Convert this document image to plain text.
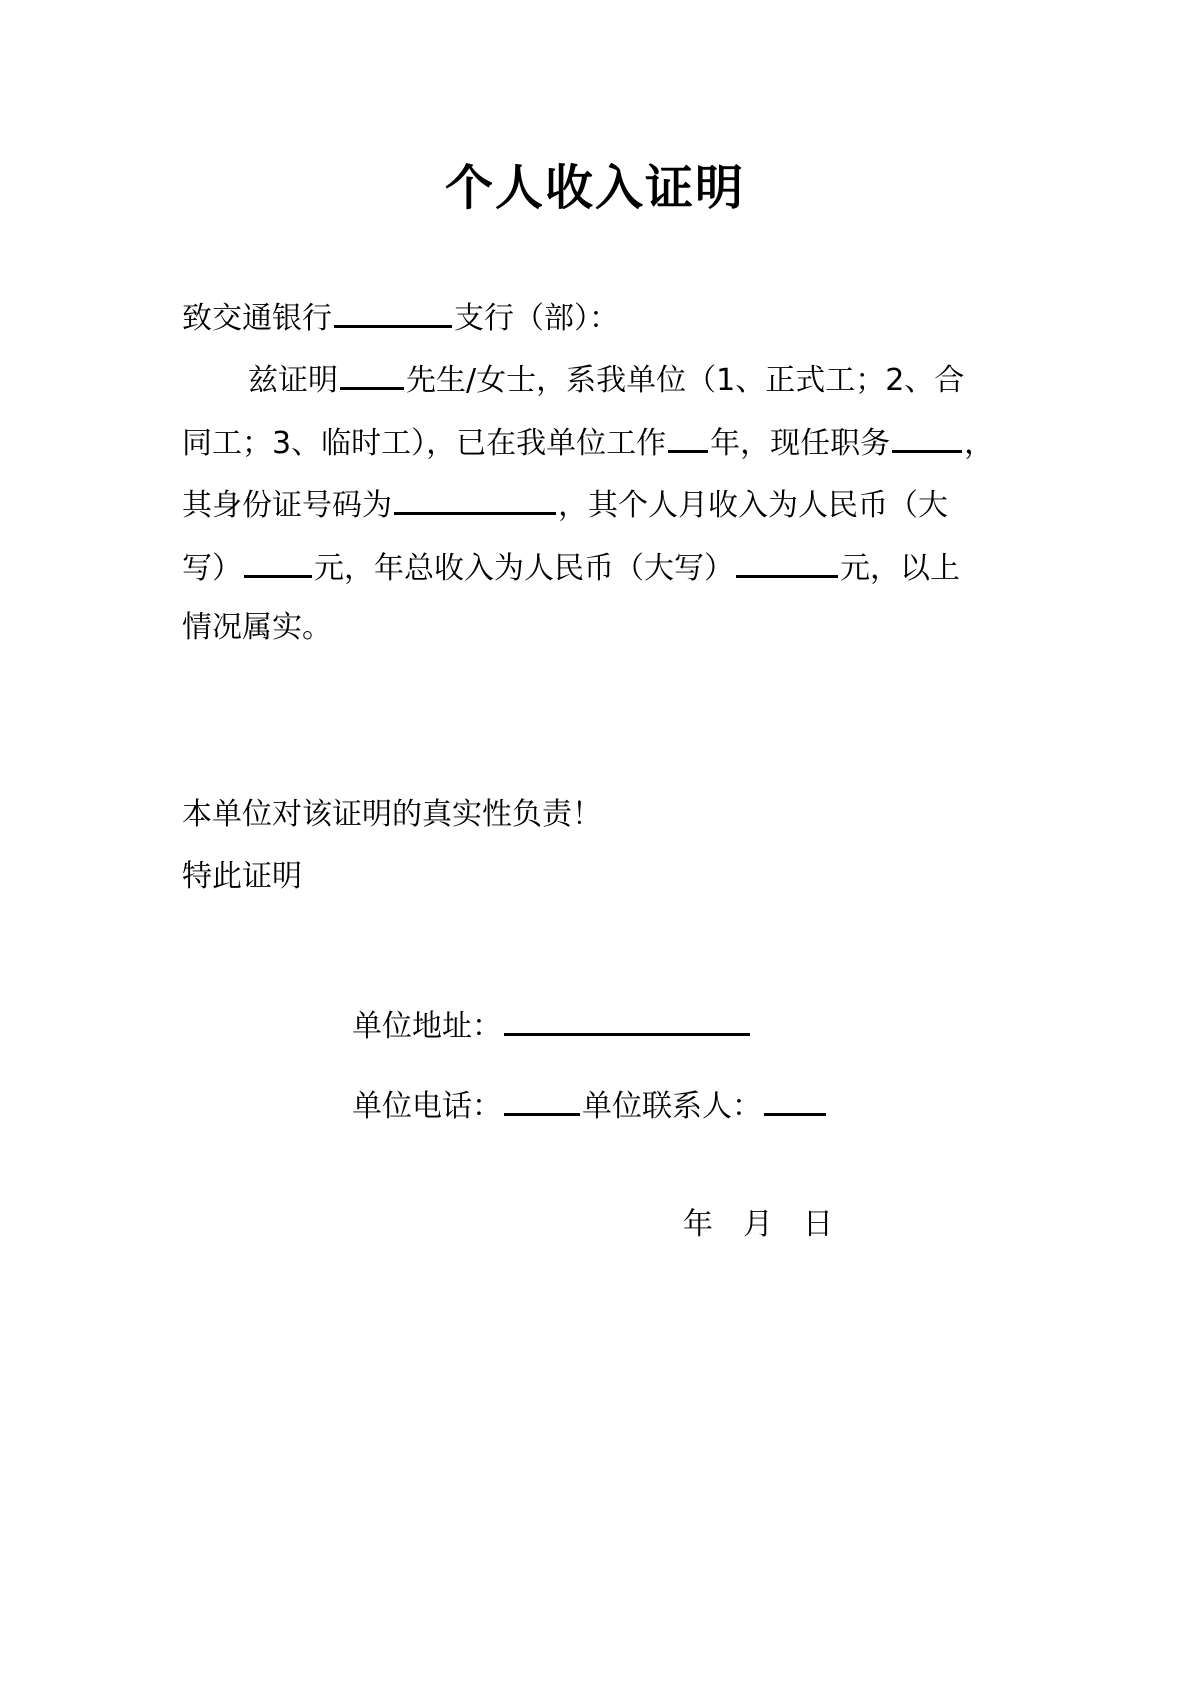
个人收入证明
致交通银行	支行（部）：
兹证明 先生/女士，系我单位（1、正式工；2、合
同工；3、临时工），已在我单位工作 年，现任职务 ，
其身份证号码为	，其个人月收入为人民币（大
写） 元，年总收入为人民币（大写）	元，以上
情况属实。
本单位对该证明的真实性负责！
特此证明
单位地址：
单位电话：	单位联系人：
年 月 日
